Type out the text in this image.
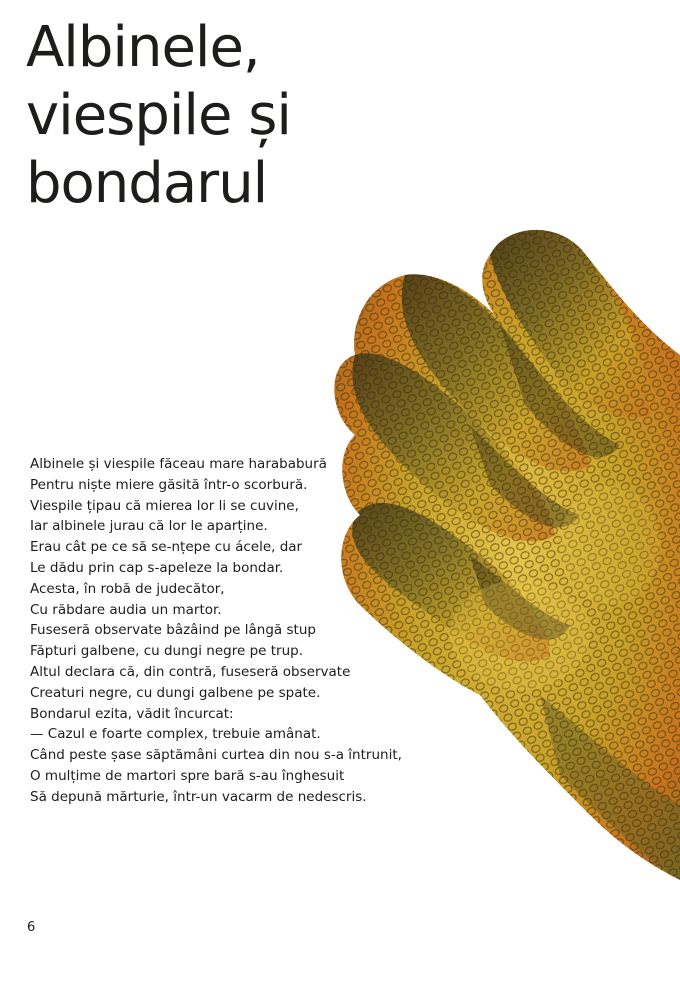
Albinele,
viespile și
bondarul
Albinele și viespile făceau mare harababură
Pentru niște miere găsită într-o scorbură.
Viespile țipau că mierea lor li se cuvine,
Iar albinele jurau că lor le aparține.
Erau cât pe ce să se-nțepe cu ácele, dar
Le dădu prin cap s-apeleze la bondar.
Acesta, în robă de judecător,
Cu răbdare audia un martor.
Fuseseră observate bâzâind pe lângă stup
Făpturi galbene, cu dungi negre pe trup.
Altul declara că, din contră, fuseseră observate
Creaturi negre, cu dungi galbene pe spate.
Bondarul ezita, vădit încurcat:
— Cazul e foarte complex, trebuie amânat.
Când peste șase săptămâni curtea din nou s-a întrunit,
O mulțime de martori spre bară s-au înghesuit
Să depună mărturie, într-un vacarm de nedescris.
6
